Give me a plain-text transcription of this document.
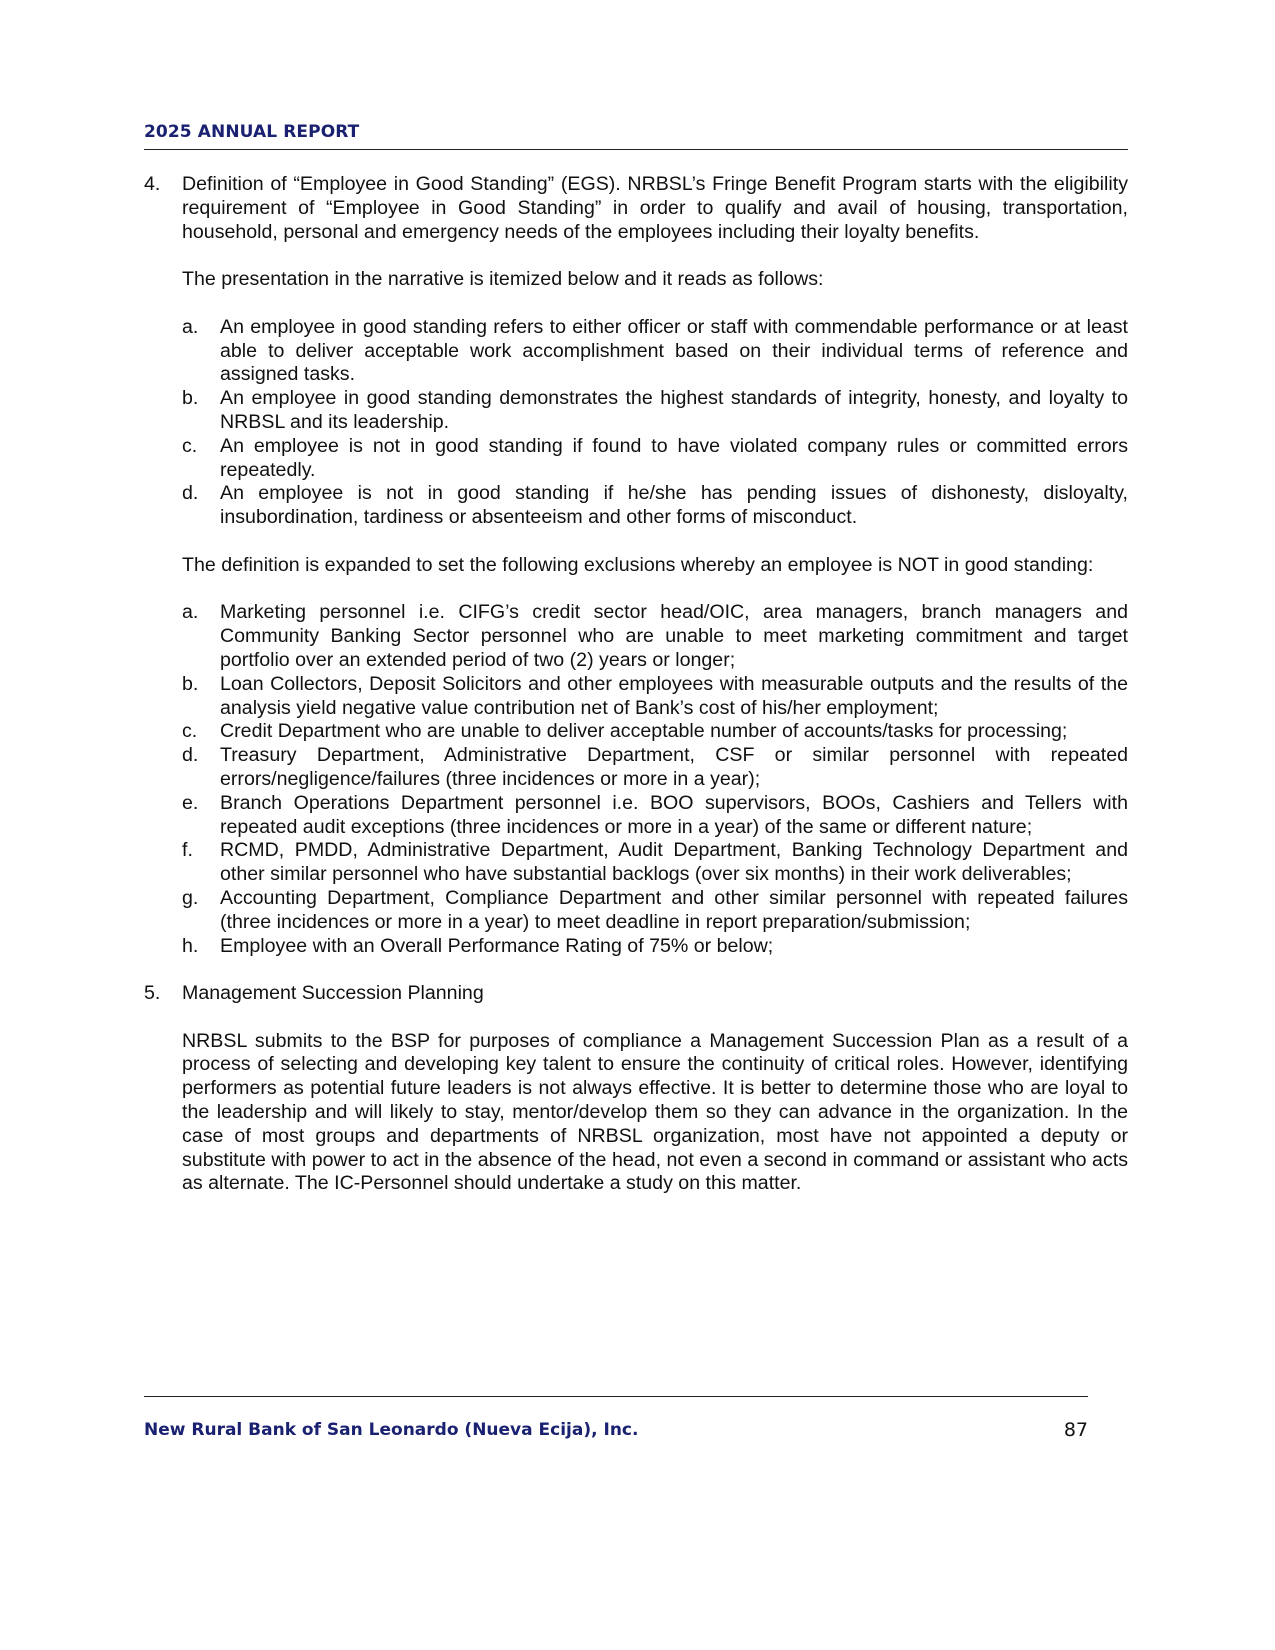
2025 ANNUAL REPORT
4. Definition of “Employee in Good Standing” (EGS). NRBSL’s Fringe Benefit Program starts with the eligibility requirement of “Employee in Good Standing” in order to qualify and avail of housing, transportation, household, personal and emergency needs of the employees including their loyalty benefits.
The presentation in the narrative is itemized below and it reads as follows:
a. An employee in good standing refers to either officer or staff with commendable performance or at least able to deliver acceptable work accomplishment based on their individual terms of reference and assigned tasks.
b. An employee in good standing demonstrates the highest standards of integrity, honesty, and loyalty to NRBSL and its leadership.
c. An employee is not in good standing if found to have violated company rules or committed errors repeatedly.
d. An employee is not in good standing if he/she has pending issues of dishonesty, disloyalty, insubordination, tardiness or absenteeism and other forms of misconduct.
The definition is expanded to set the following exclusions whereby an employee is NOT in good standing:
a. Marketing personnel i.e. CIFG’s credit sector head/OIC, area managers, branch managers and Community Banking Sector personnel who are unable to meet marketing commitment and target portfolio over an extended period of two (2) years or longer;
b. Loan Collectors, Deposit Solicitors and other employees with measurable outputs and the results of the analysis yield negative value contribution net of Bank’s cost of his/her employment;
c. Credit Department who are unable to deliver acceptable number of accounts/tasks for processing;
d. Treasury Department, Administrative Department, CSF or similar personnel with repeated errors/negligence/failures (three incidences or more in a year);
e. Branch Operations Department personnel i.e. BOO supervisors, BOOs, Cashiers and Tellers with repeated audit exceptions (three incidences or more in a year) of the same or different nature;
f. RCMD, PMDD, Administrative Department, Audit Department, Banking Technology Department and other similar personnel who have substantial backlogs (over six months) in their work deliverables;
g. Accounting Department, Compliance Department and other similar personnel with repeated failures (three incidences or more in a year) to meet deadline in report preparation/submission;
h. Employee with an Overall Performance Rating of 75% or below;
5. Management Succession Planning
NRBSL submits to the BSP for purposes of compliance a Management Succession Plan as a result of a process of selecting and developing key talent to ensure the continuity of critical roles. However, identifying performers as potential future leaders is not always effective. It is better to determine those who are loyal to the leadership and will likely to stay, mentor/develop them so they can advance in the organization. In the case of most groups and departments of NRBSL organization, most have not appointed a deputy or substitute with power to act in the absence of the head, not even a second in command or assistant who acts as alternate. The IC-Personnel should undertake a study on this matter.
New Rural Bank of San Leonardo (Nueva Ecija), Inc.	87
